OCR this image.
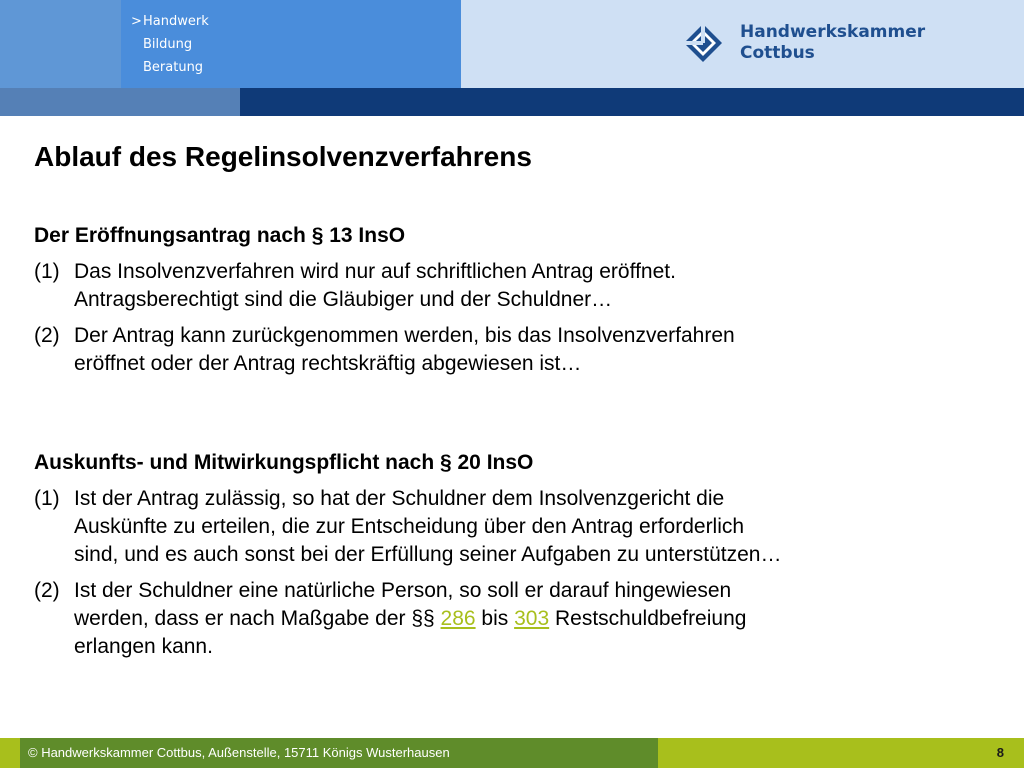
> Handwerk
Bildung
Beratung
Handwerkskammer
Cottbus
Ablauf des Regelinsolvenzverfahrens
Der Eröffnungsantrag nach § 13 InsO
(1) Das Insolvenzverfahren wird nur auf schriftlichen Antrag eröffnet.
Antragsberechtigt sind die Gläubiger und der Schuldner…
(2) Der Antrag kann zurückgenommen werden, bis das Insolvenzverfahren
eröffnet oder der Antrag rechtskräftig abgewiesen ist…
Auskunfts- und Mitwirkungspflicht nach § 20 InsO
(1) Ist der Antrag zulässig, so hat der Schuldner dem Insolvenzgericht die
Auskünfte zu erteilen, die zur Entscheidung über den Antrag erforderlich
sind, und es auch sonst bei der Erfüllung seiner Aufgaben zu unterstützen…
(2) Ist der Schuldner eine natürliche Person, so soll er darauf hingewiesen
werden, dass er nach Maßgabe der §§ 286 bis 303 Restschuldbefreiung
erlangen kann.
© Handwerkskammer Cottbus, Außenstelle, 15711 Königs Wusterhausen	8
